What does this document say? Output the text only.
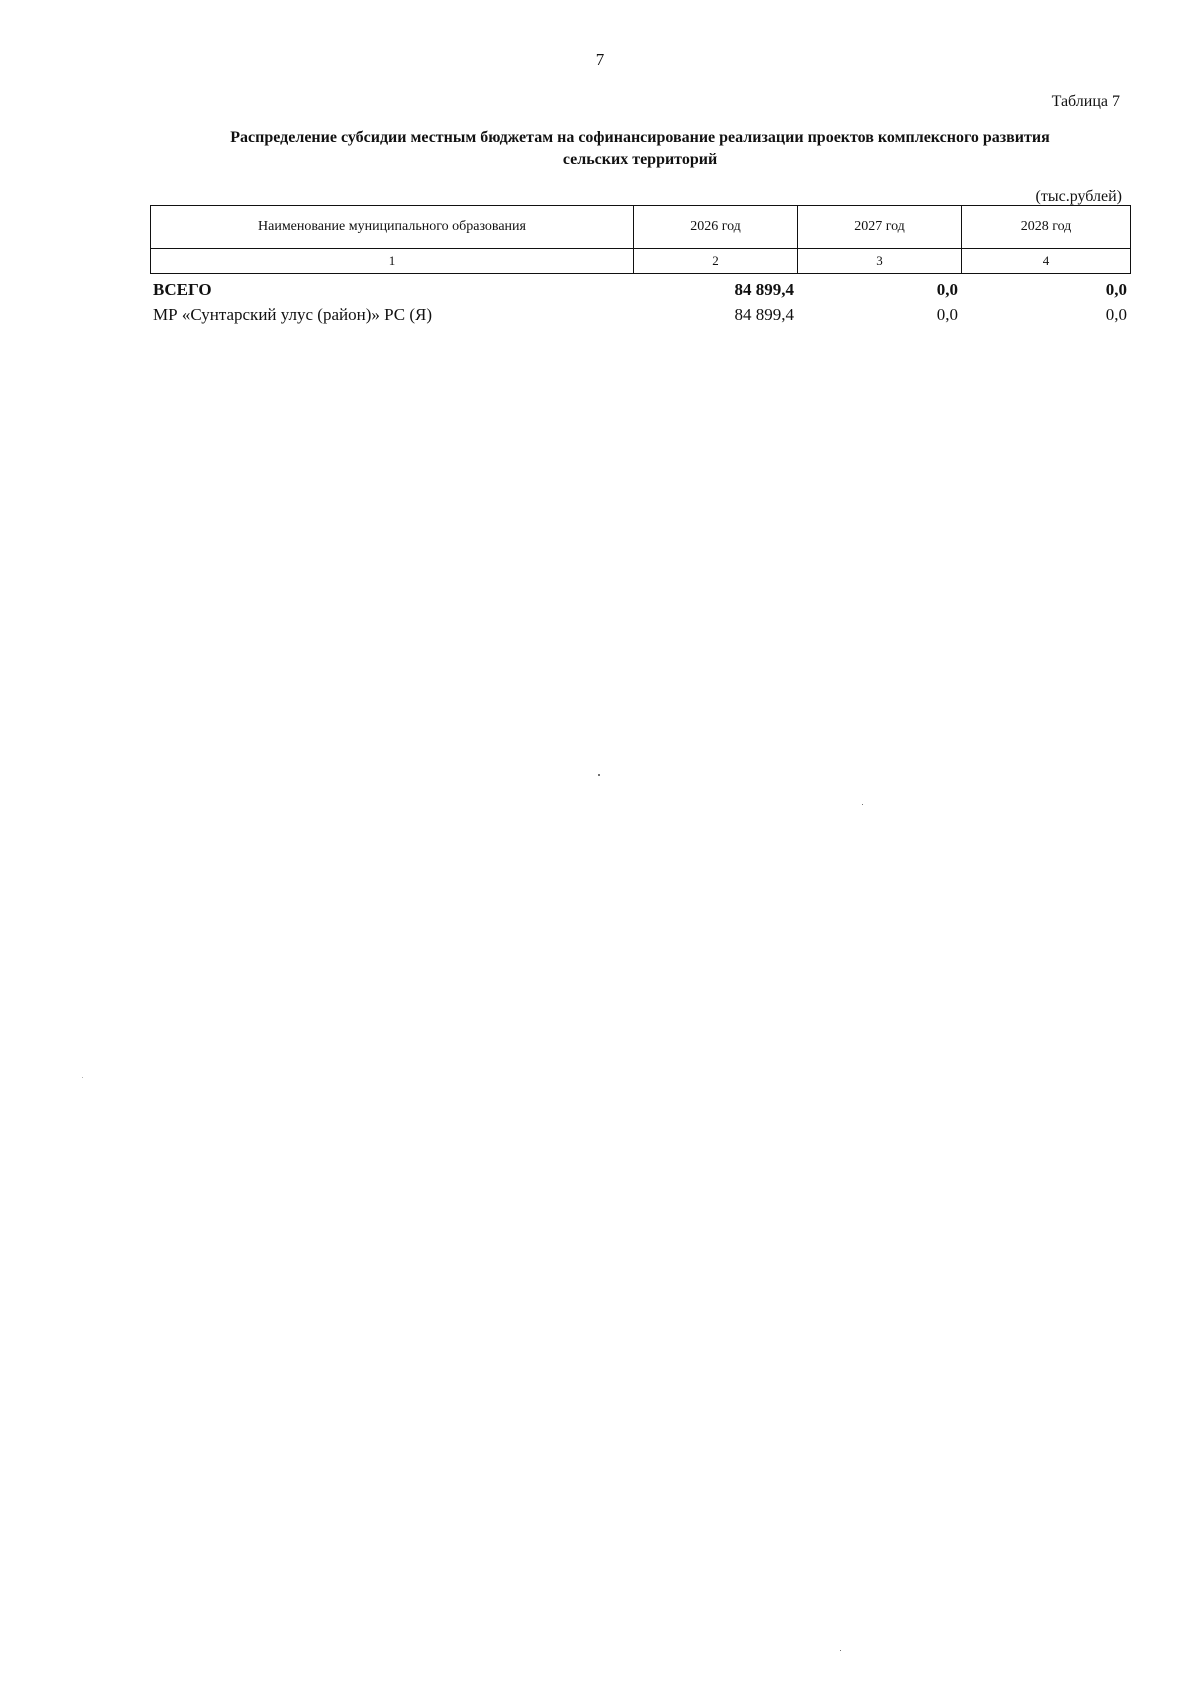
7
Таблица 7
Распределение субсидии местным бюджетам на софинансирование реализации проектов комплексного развития
сельских территорий
(тыс.рублей)
Наименование муниципального образования	2026 год	2027 год	2028 год
1	2	3	4
ВСЕГО	84 899,4	0,0	0,0
МР «Сунтарский улус (район)» РС (Я)	84 899,4	0,0	0,0
